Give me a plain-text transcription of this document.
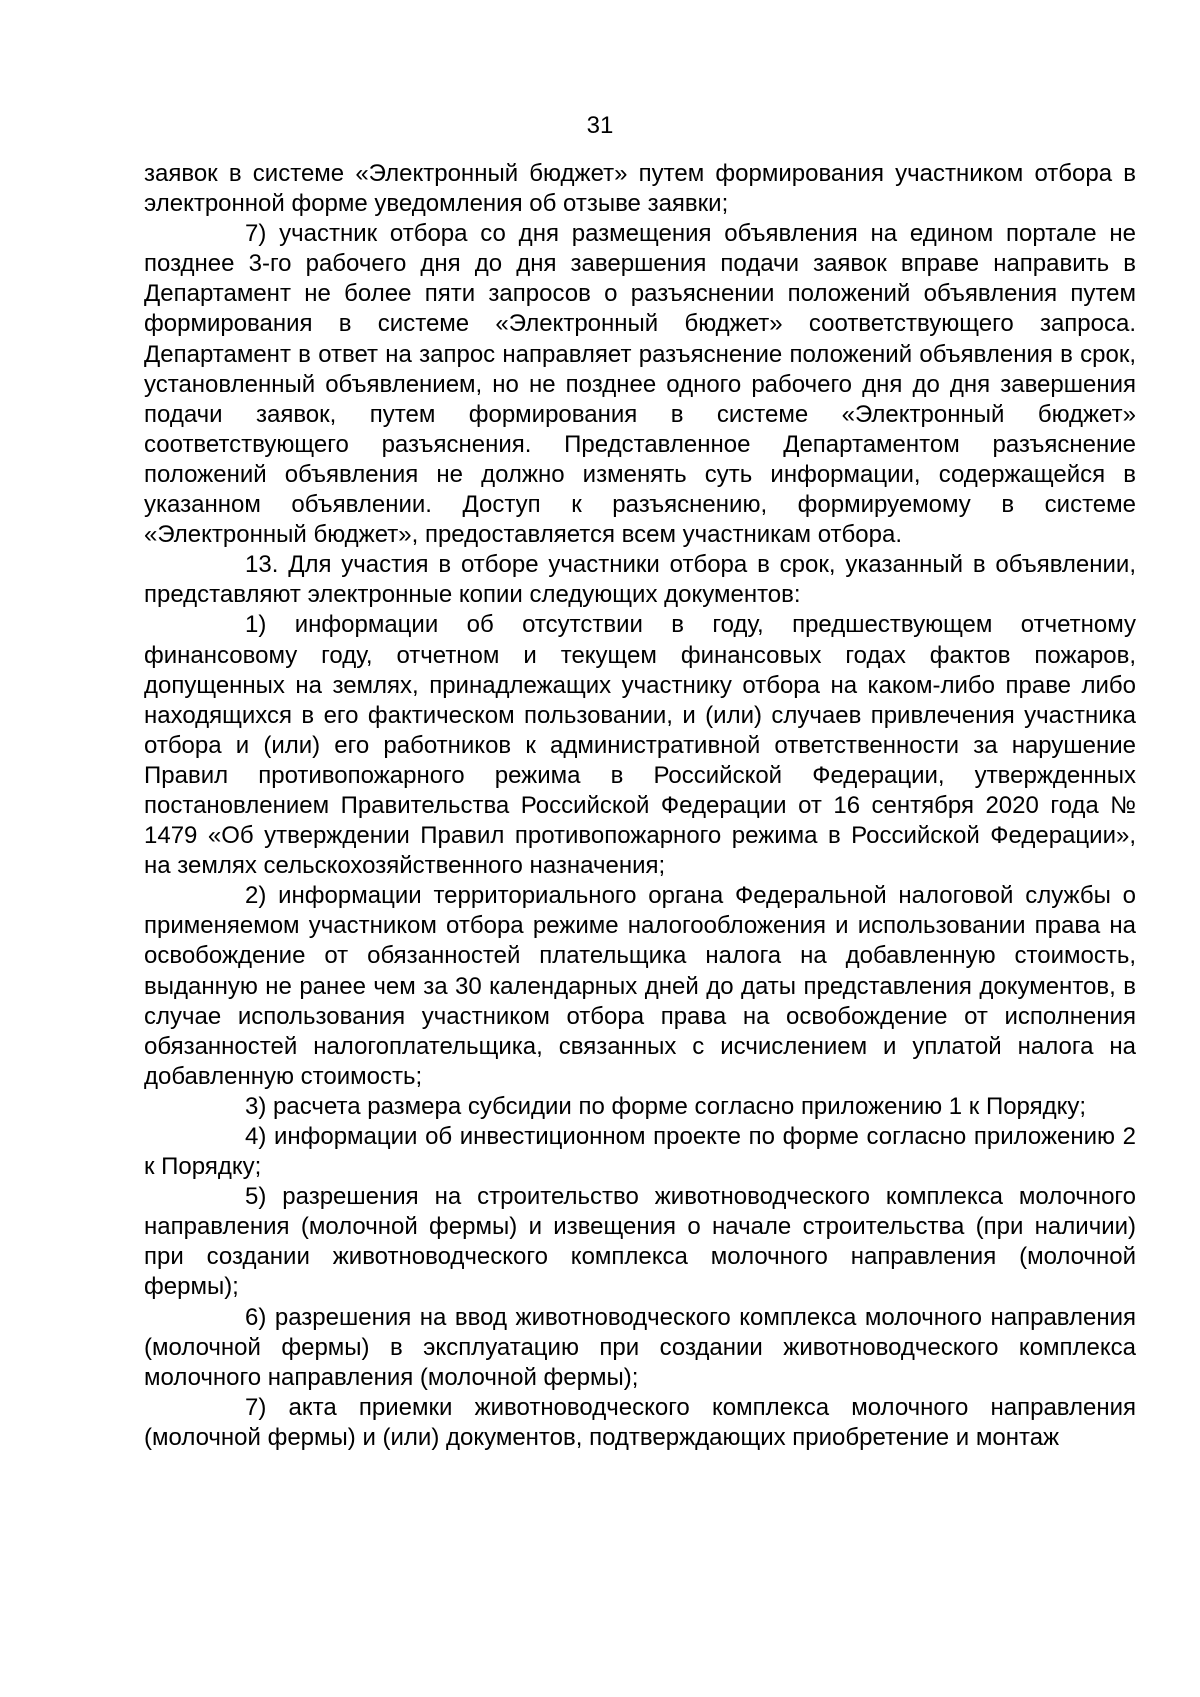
31

заявок в системе «Электронный бюджет» путем формирования участником отбора в электронной форме уведомления об отзыве заявки;

7) участник отбора со дня размещения объявления на едином портале не позднее 3-го рабочего дня до дня завершения подачи заявок вправе направить в Департамент не более пяти запросов о разъяснении положений объявления путем формирования в системе «Электронный бюджет» соответствующего запроса. Департамент в ответ на запрос направляет разъяснение положений объявления в срок, установленный объявлением, но не позднее одного рабочего дня до дня завершения подачи заявок, путем формирования в системе «Электронный бюджет» соответствующего разъяснения. Представленное Департаментом разъяснение положений объявления не должно изменять суть информации, содержащейся в указанном объявлении. Доступ к разъяснению, формируемому в системе «Электронный бюджет», предоставляется всем участникам отбора.

13. Для участия в отборе участники отбора в срок, указанный в объявлении, представляют электронные копии следующих документов:

1) информации об отсутствии в году, предшествующем отчетному финансовому году, отчетном и текущем финансовых годах фактов пожаров, допущенных на землях, принадлежащих участнику отбора на каком-либо праве либо находящихся в его фактическом пользовании, и (или) случаев привлечения участника отбора и (или) его работников к административной ответственности за нарушение Правил противопожарного режима в Российской Федерации, утвержденных постановлением Правительства Российской Федерации от 16 сентября 2020 года № 1479 «Об утверждении Правил противопожарного режима в Российской Федерации», на землях сельскохозяйственного назначения;

2) информации территориального органа Федеральной налоговой службы о применяемом участником отбора режиме налогообложения и использовании права на освобождение от обязанностей плательщика налога на добавленную стоимость, выданную не ранее чем за 30 календарных дней до даты представления документов, в случае использования участником отбора права на освобождение от исполнения обязанностей налогоплательщика, связанных с исчислением и уплатой налога на добавленную стоимость;

3) расчета размера субсидии по форме согласно приложению 1 к Порядку;

4) информации об инвестиционном проекте по форме согласно приложению 2 к Порядку;

5) разрешения на строительство животноводческого комплекса молочного направления (молочной фермы) и извещения о начале строительства (при наличии) при создании животноводческого комплекса молочного направления (молочной фермы);

6) разрешения на ввод животноводческого комплекса молочного направления (молочной фермы) в эксплуатацию при создании животноводческого комплекса молочного направления (молочной фермы);

7) акта приемки животноводческого комплекса молочного направления (молочной фермы) и (или) документов, подтверждающих приобретение и монтаж
